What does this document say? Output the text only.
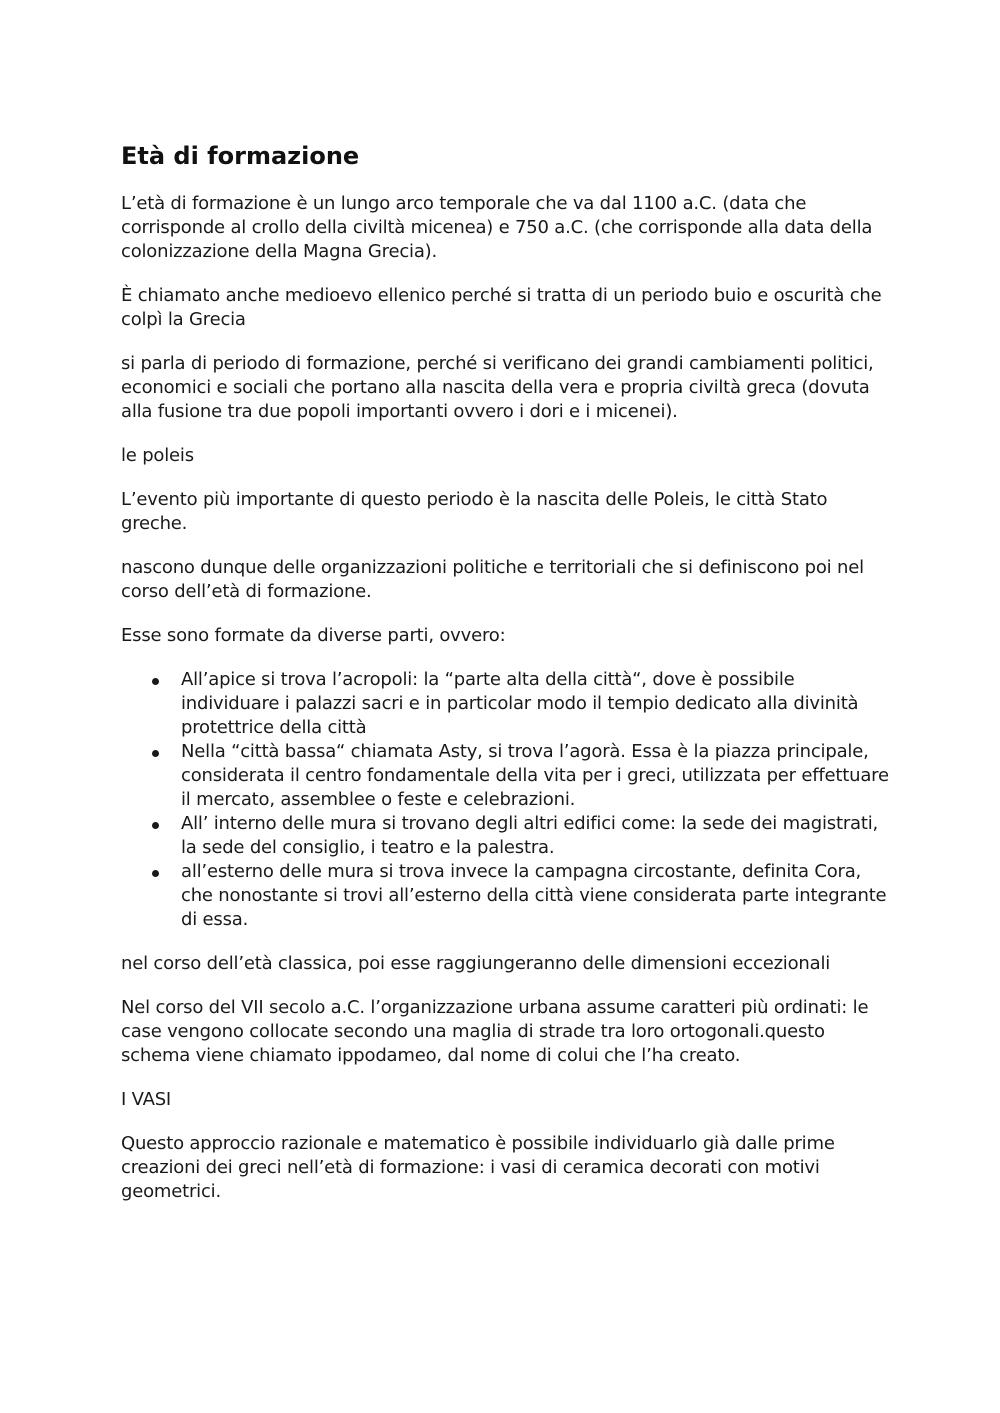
Età di formazione

L’età di formazione è un lungo arco temporale che va dal 1100 a.C. (data che corrisponde al crollo della civiltà micenea) e 750 a.C. (che corrisponde alla data della colonizzazione della Magna Grecia).

È chiamato anche medioevo ellenico perché si tratta di un periodo buio e oscurità che colpì la Grecia

si parla di periodo di formazione, perché si verificano dei grandi cambiamenti politici, economici e sociali che portano alla nascita della vera e propria civiltà greca (dovuta alla fusione tra due popoli importanti ovvero i dori e i micenei).

le poleis

L’evento più importante di questo periodo è la nascita delle Poleis, le città Stato greche.

nascono dunque delle organizzazioni politiche e territoriali che si definiscono poi nel corso dell’età di formazione.

Esse sono formate da diverse parti, ovvero:

All’apice si trova l’acropoli: la “parte alta della città“, dove è possibile individuare i palazzi sacri e in particolar modo il tempio dedicato alla divinità protettrice della città
Nella “città bassa“ chiamata Asty, si trova l’agorà. Essa è la piazza principale, considerata il centro fondamentale della vita per i greci, utilizzata per effettuare il mercato, assemblee o feste e celebrazioni.
All’ interno delle mura si trovano degli altri edifici come: la sede dei magistrati, la sede del consiglio, i teatro e la palestra.
all’esterno delle mura si trova invece la campagna circostante, definita Cora, che nonostante si trovi all’esterno della città viene considerata parte integrante di essa.

nel corso dell’età classica, poi esse raggiungeranno delle dimensioni eccezionali

Nel corso del VII secolo a.C. l’organizzazione urbana assume caratteri più ordinati: le case vengono collocate secondo una maglia di strade tra loro ortogonali.questo schema viene chiamato ippodameo, dal nome di colui che l’ha creato.

I VASI

Questo approccio razionale e matematico è possibile individuarlo già dalle prime creazioni dei greci nell’età di formazione: i vasi di ceramica decorati con motivi geometrici.
